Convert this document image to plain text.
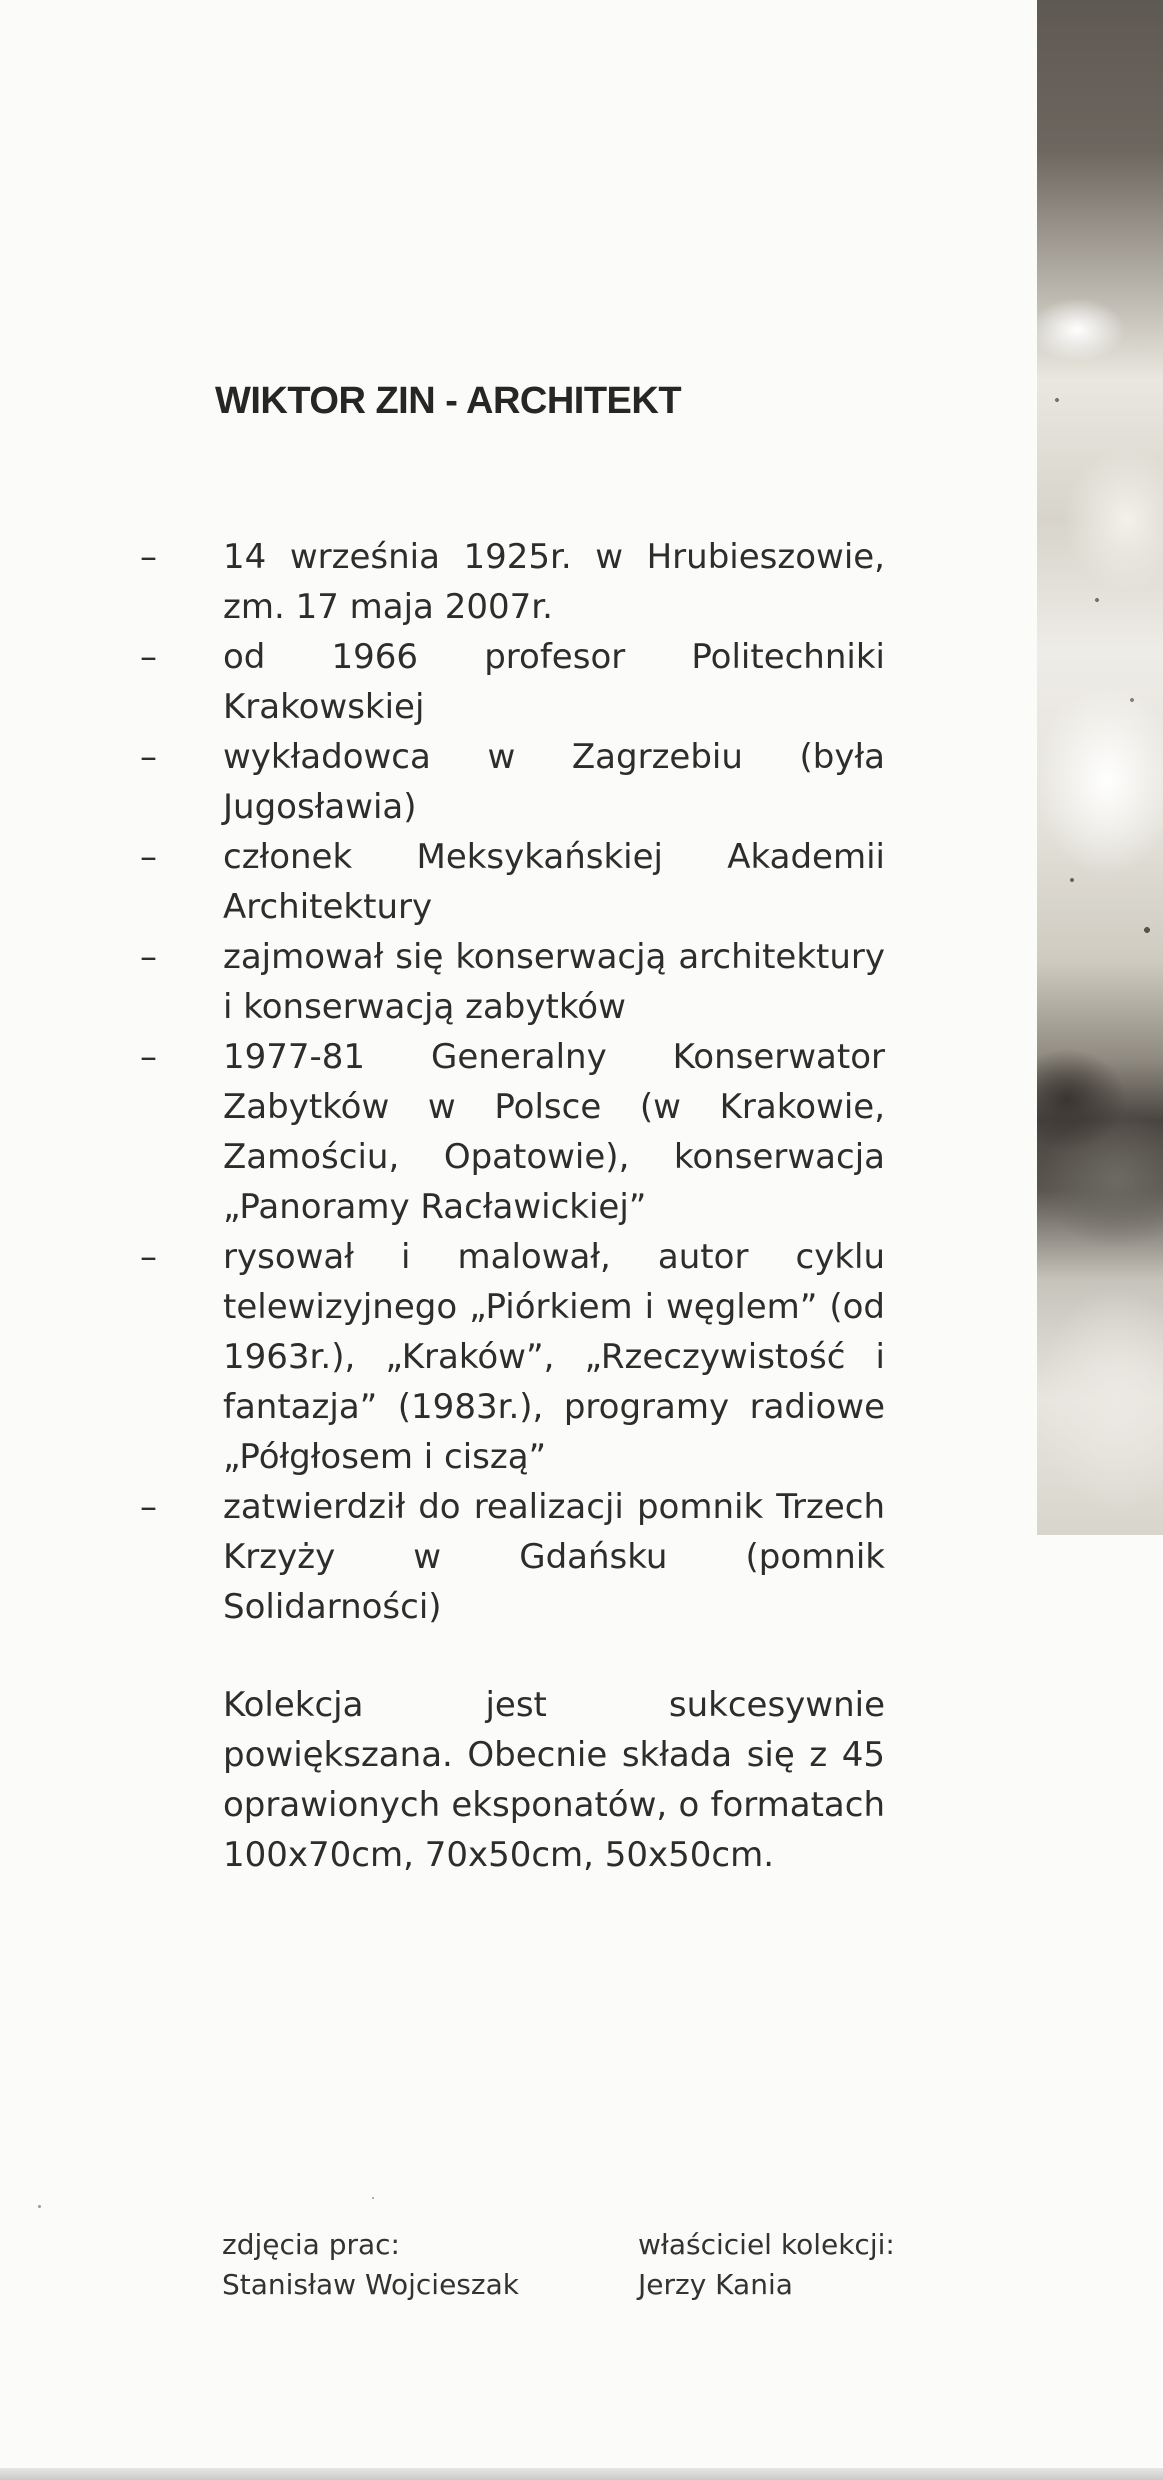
WIKTOR ZIN - ARCHITEKT
–	14 września 1925r. w Hrubieszowie, zm. 17 maja 2007r.
–	od 1966 profesor Politechniki Krakowskiej
–	wykładowca w Zagrzebiu (była Jugosławia)
–	członek Meksykańskiej Akademii Architektury
–	zajmował się konserwacją architektury i konserwacją zabytków
–	1977-81 Generalny Konserwator Zabytków w Polsce (w Krakowie, Zamościu, Opatowie), konserwacja „Panoramy Racławickiej”
–	rysował i malował, autor cyklu telewizyjnego „Piórkiem i węglem” (od 1963r.), „Kraków”, „Rzeczywistość i fantazja” (1983r.), programy radiowe „Półgłosem i ciszą”
–	zatwierdził do realizacji pomnik Trzech Krzyży w Gdańsku (pomnik Solidarności)

Kolekcja jest sukcesywnie powiększana. Obecnie składa się z 45 oprawionych eksponatów, o formatach 100x70cm, 70x50cm, 50x50cm.

zdjęcia prac:
Stanisław Wojcieszak
właściciel kolekcji:
Jerzy Kania
